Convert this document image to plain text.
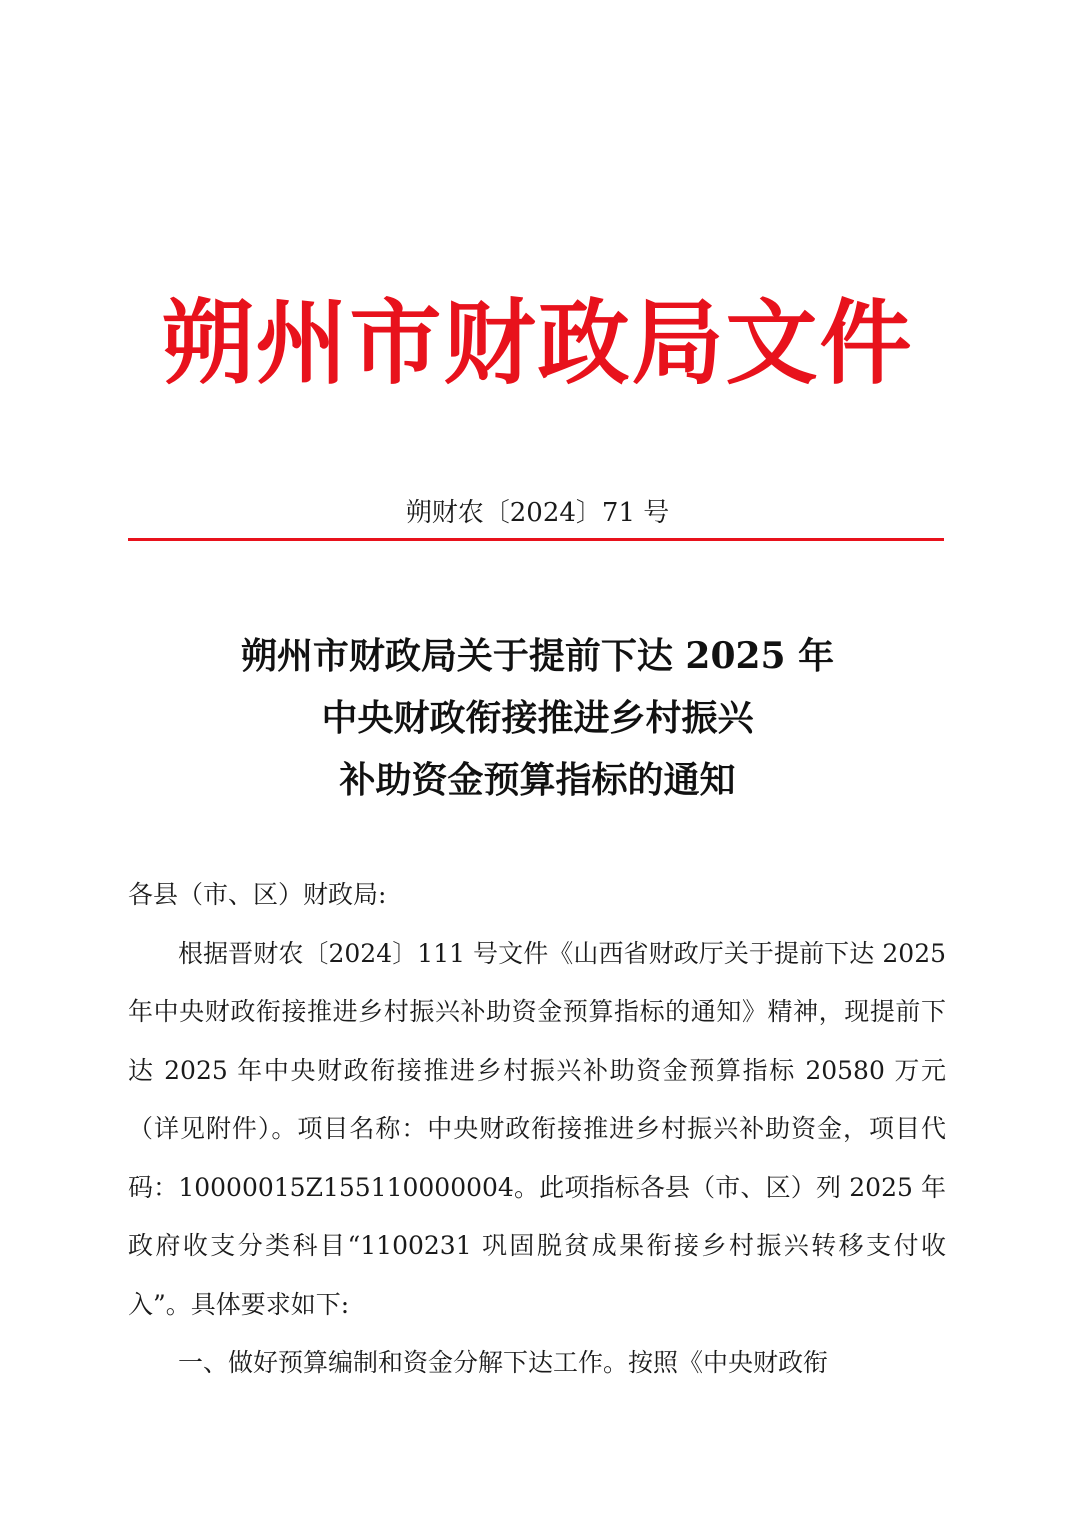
朔州市财政局文件
朔财农〔2024〕71 号
朔州市财政局关于提前下达 2025 年
中央财政衔接推进乡村振兴
补助资金预算指标的通知
各县（市、区）财政局:
根据晋财农〔2024〕111 号文件《山西省财政厅关于提前下达 2025 年中央财政衔接推进乡村振兴补助资金预算指标的通知》精神，现提前下达 2025 年中央财政衔接推进乡村振兴补助资金预算指标 20580 万元（详见附件）。项目名称：中央财政衔接推进乡村振兴补助资金，项目代码：10000015Z155110000004。此项指标各县（市、区）列 2025 年政府收支分类科目“1100231 巩固脱贫成果衔接乡村振兴转移支付收入”。具体要求如下:
一、做好预算编制和资金分解下达工作。按照《中央财政衔
